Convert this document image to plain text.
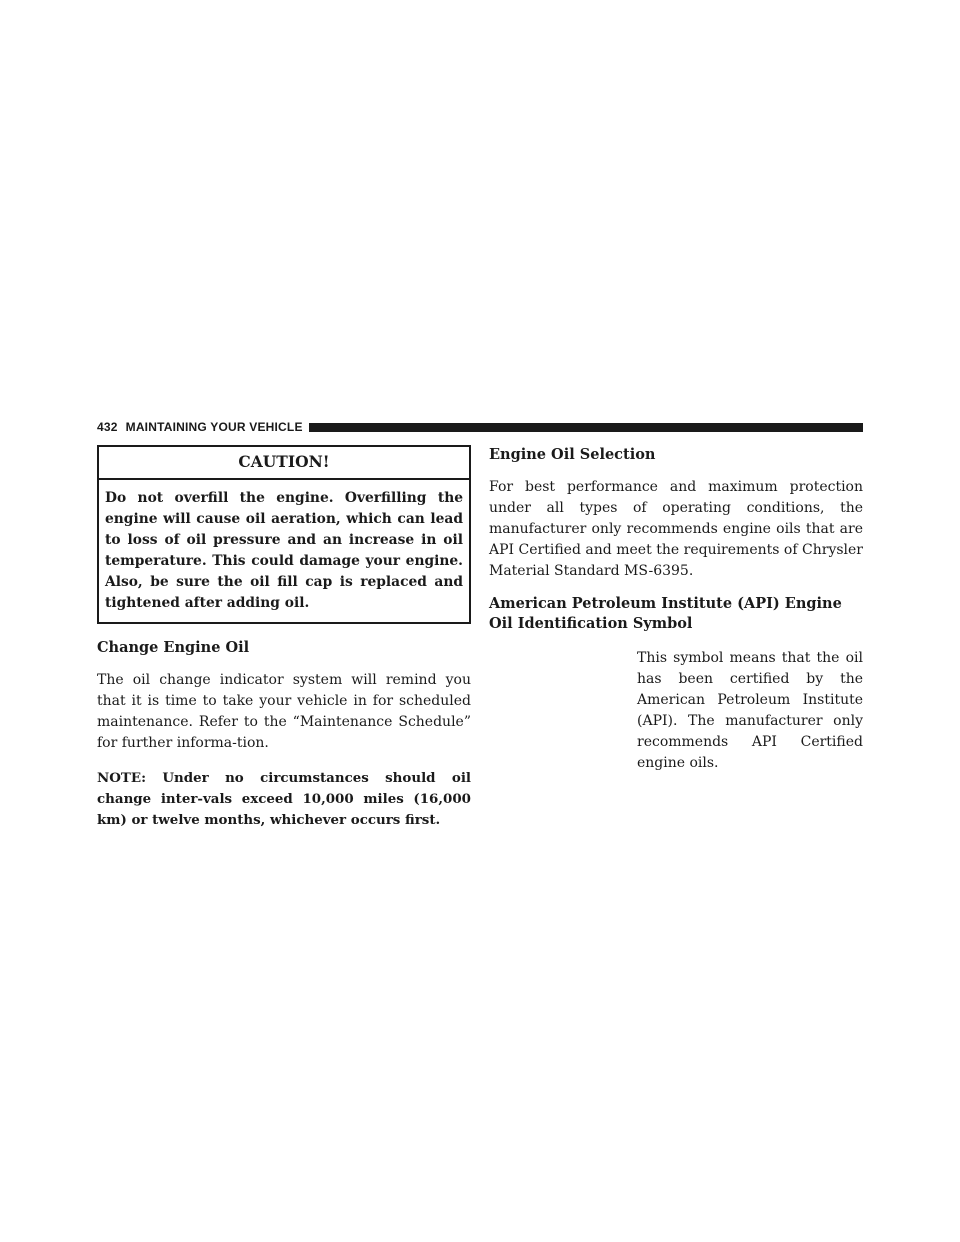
432 MAINTAINING YOUR VEHICLE
CAUTION!
Do not overfill the engine. Overfilling the engine will cause oil aeration, which can lead to loss of oil pressure and an increase in oil temperature. This could damage your engine. Also, be sure the oil fill cap is replaced and tightened after adding oil.
Change Engine Oil

The oil change indicator system will remind you that it is time to take your vehicle in for scheduled maintenance. Refer to the “Maintenance Schedule” for further informa-tion.

NOTE: Under no circumstances should oil change inter-vals exceed 10,000 miles (16,000 km) or twelve months, whichever occurs first.

Engine Oil Selection

For best performance and maximum protection under all types of operating conditions, the manufacturer only recommends engine oils that are API Certified and meet the requirements of Chrysler Material Standard MS-6395.

American Petroleum Institute (API) Engine Oil Identification Symbol

This symbol means that the oil has been certified by the American Petroleum Institute (API). The manufacturer only recommends API Certified engine oils.
